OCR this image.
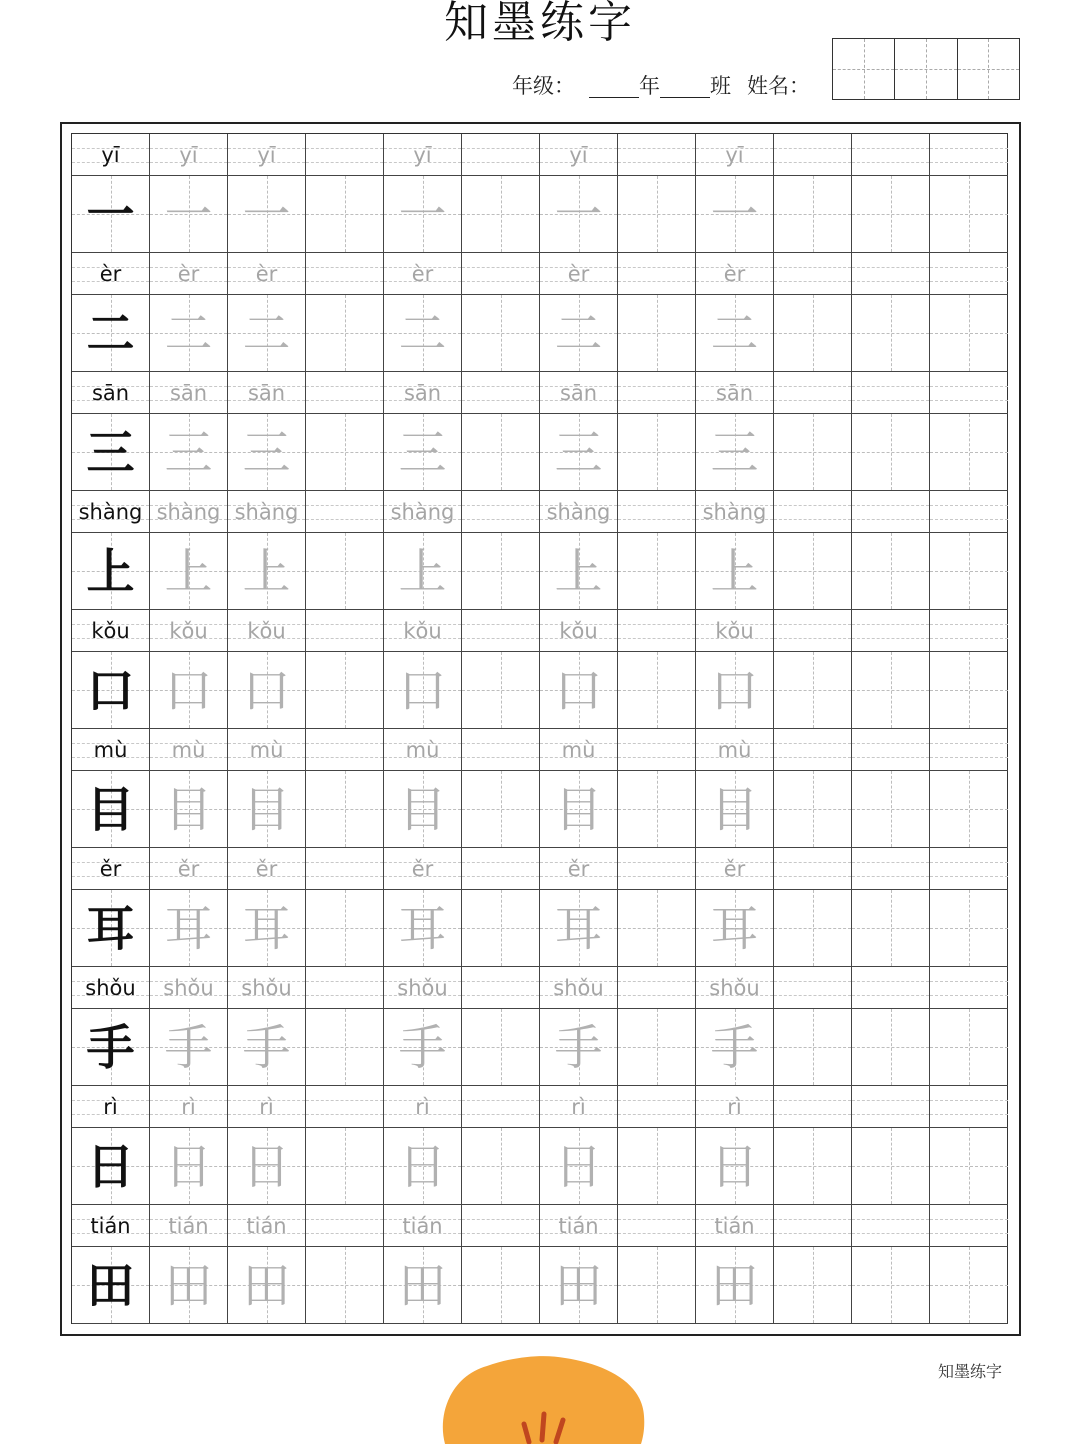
知墨练字
年级：	年 班 姓名：
yī	yī	yī	yī	yī	yī
一 一 一	一	一	一
èr	èr	èr	èr	èr	èr
二 二 二	二	二	二
sān	sān	sān	sān	sān	sān
三 三 三	三	三	三
shàng shàng shàng	shàng	shàng	shàng
上 上 上	上	上	上
kǒu	kǒu	kǒu	kǒu	kǒu	kǒu
口 口 口	口	口	口
mù	mù	mù	mù	mù	mù
目 目 目	目	目	目
ěr	ěr	ěr	ěr	ěr	ěr
耳 耳 耳	耳	耳	耳
shǒu	shǒu	shǒu	shǒu	shǒu	shǒu
手 手 手	手	手	手
rì	rì	rì	rì	rì	rì
日 日 日	日	日	日
tián	tián	tián	tián	tián	tián
田 田 田	田	田	田
知墨练字
